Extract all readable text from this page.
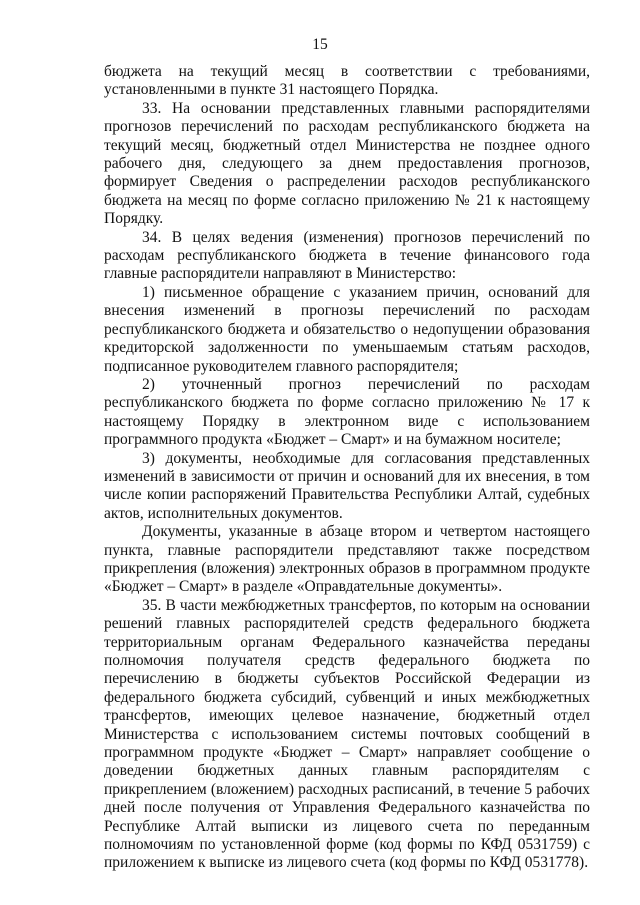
15

бюджета на текущий месяц в соответствии с требованиями, установленными в пункте 31 настоящего Порядка.

33. На основании представленных главными распорядителями прогнозов перечислений по расходам республиканского бюджета на текущий месяц, бюджетный отдел Министерства не позднее одного рабочего дня, следующего за днем предоставления прогнозов, формирует Сведения о распределении расходов республиканского бюджета на месяц по форме согласно приложению № 21 к настоящему Порядку.

34. В целях ведения (изменения) прогнозов перечислений по расходам республиканского бюджета в течение финансового года главные распорядители направляют в Министерство:

1) письменное обращение с указанием причин, оснований для внесения изменений в прогнозы перечислений по расходам республиканского бюджета и обязательство о недопущении образования кредиторской задолженности по уменьшаемым статьям расходов, подписанное руководителем главного распорядителя;

2) уточненный прогноз перечислений по расходам республиканского бюджета по форме согласно приложению № 17 к настоящему Порядку в электронном виде с использованием программного продукта «Бюджет – Смарт» и на бумажном носителе;

3) документы, необходимые для согласования представленных изменений в зависимости от причин и оснований для их внесения, в том числе копии распоряжений Правительства Республики Алтай, судебных актов, исполнительных документов.

Документы, указанные в абзаце втором и четвертом настоящего пункта, главные распорядители представляют также посредством прикрепления (вложения) электронных образов в программном продукте «Бюджет – Смарт» в разделе «Оправдательные документы».

35. В части межбюджетных трансфертов, по которым на основании решений главных распорядителей средств федерального бюджета территориальным органам Федерального казначейства переданы полномочия получателя средств федерального бюджета по перечислению в бюджеты субъектов Российской Федерации из федерального бюджета субсидий, субвенций и иных межбюджетных трансфертов, имеющих целевое назначение, бюджетный отдел Министерства с использованием системы почтовых сообщений в программном продукте «Бюджет – Смарт» направляет сообщение о доведении бюджетных данных главным распорядителям с прикреплением (вложением) расходных расписаний, в течение 5 рабочих дней после получения от Управления Федерального казначейства по Республике Алтай выписки из лицевого счета по переданным полномочиям по установленной форме (код формы по КФД 0531759) с приложением к выписке из лицевого счета (код формы по КФД 0531778).
